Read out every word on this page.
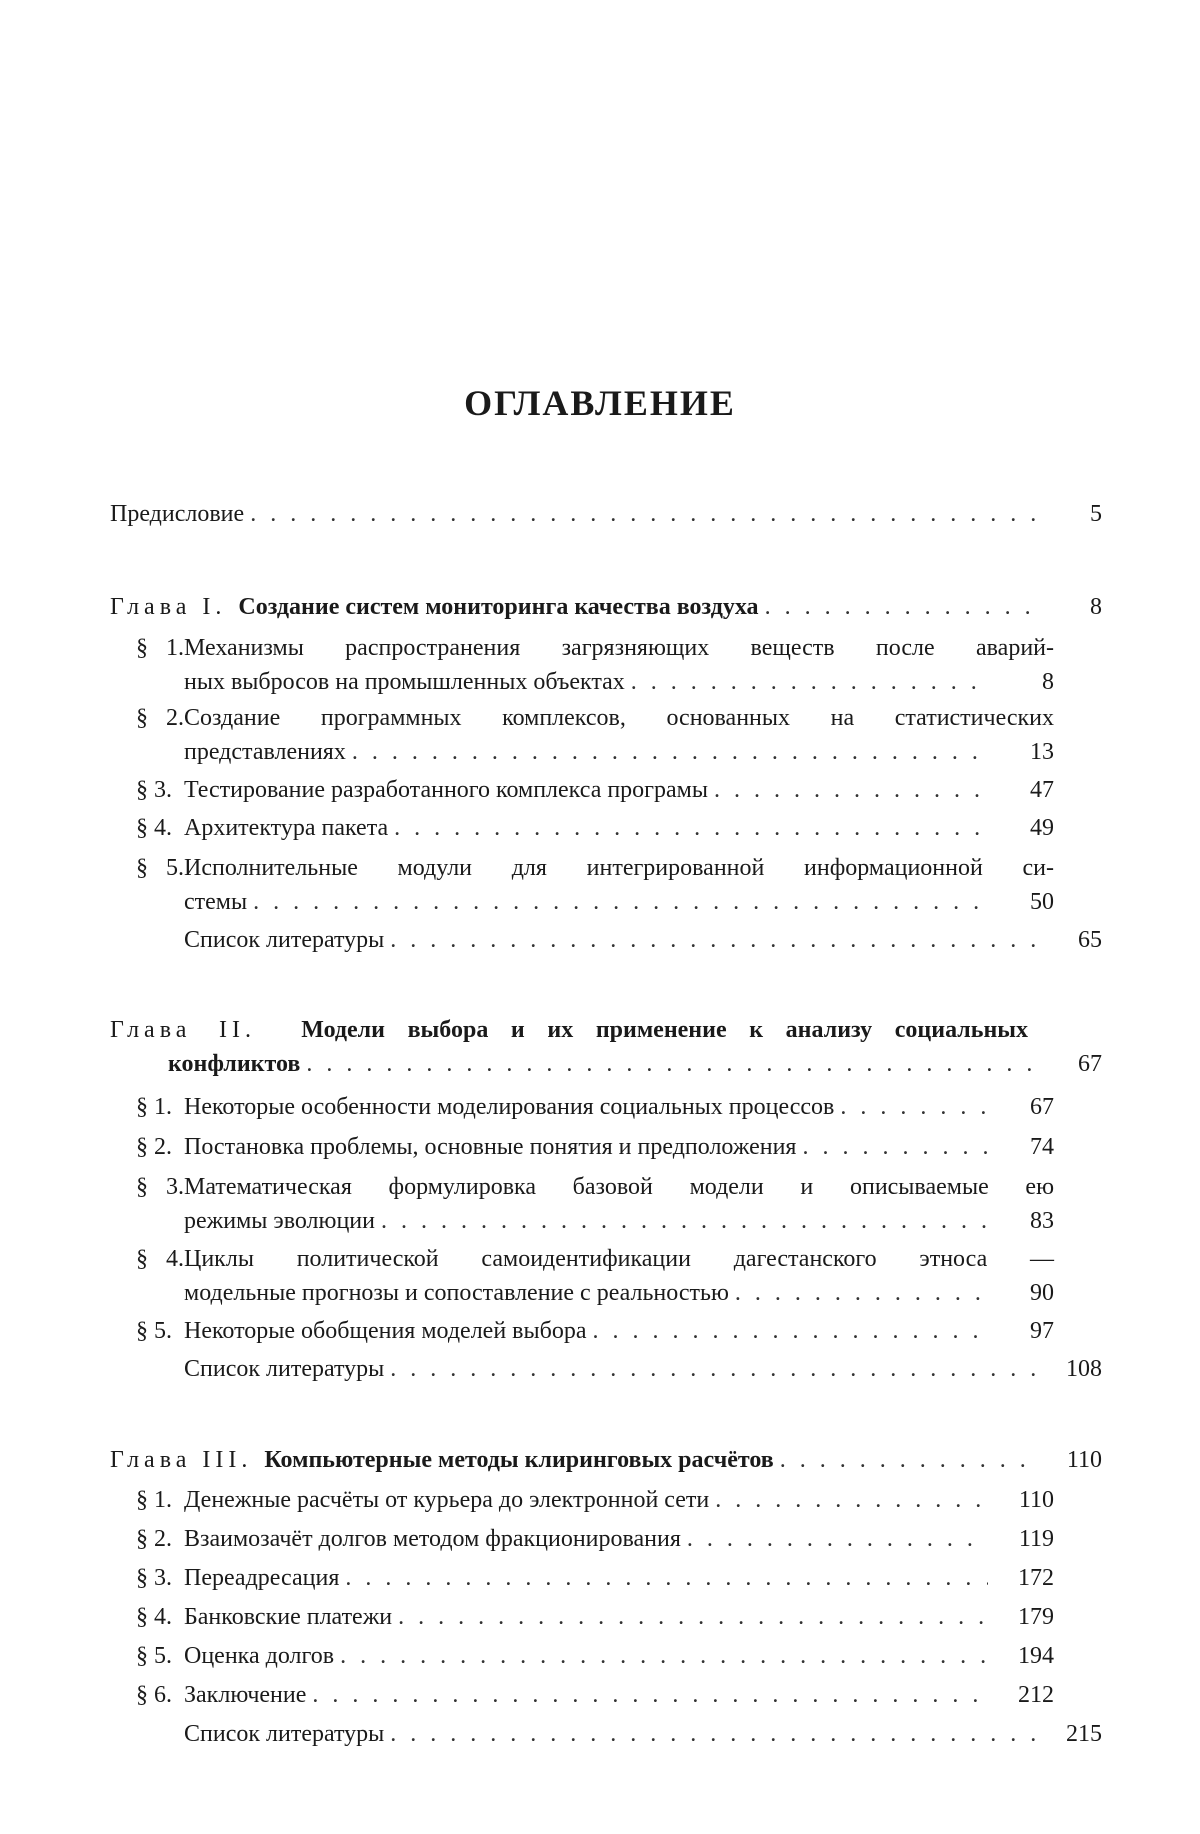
ОГЛАВЛЕНИЕ
Предисловие . . .	5
Глава I. Создание систем мониторинга качества воздуха . . .	8
§ 1.Механизмы распространения загрязняющих веществ после аварий-
ных выбросов на промышленных объектах . . .	8
§ 2.Создание программных комплексов, основанных на статистических
представлениях . . .	13
§ 3. Тестирование разработанного комплекса програмы . . .	47
§ 4. Архитектура пакета . . .	49
§ 5.Исполнительные модули для интегрированной информационной си-
стемы . . .	50
Список литературы . . .	65
Глава II. Модели выбора и их применение к анализу социальных
конфликтов . . .	67
§ 1. Некоторые особенности моделирования социальных процессов . . .	67
§ 2. Постановка проблемы, основные понятия и предположения . . .	74
§ 3.Математическая формулировка базовой модели и описываемые ею
режимы эволюции . . .	83
§ 4.Циклы политической самоидентификации дагестанского этноса —
модельные прогнозы и сопоставление с реальностью . . .	90
§ 5. Некоторые обобщения моделей выбора . . .	97
Список литературы . . .	108
Глава III. Компьютерные методы клиринговых расчётов . . .	110
§ 1. Денежные расчёты от курьера до электронной сети . . .	110
§ 2. Взаимозачёт долгов методом фракционирования . . .	119
§ 3. Переадресация . . .	172
§ 4. Банковские платежи . . .	179
§ 5. Оценка долгов . . .	194
§ 6. Заключение . . .	212
Список литературы . . .	215
